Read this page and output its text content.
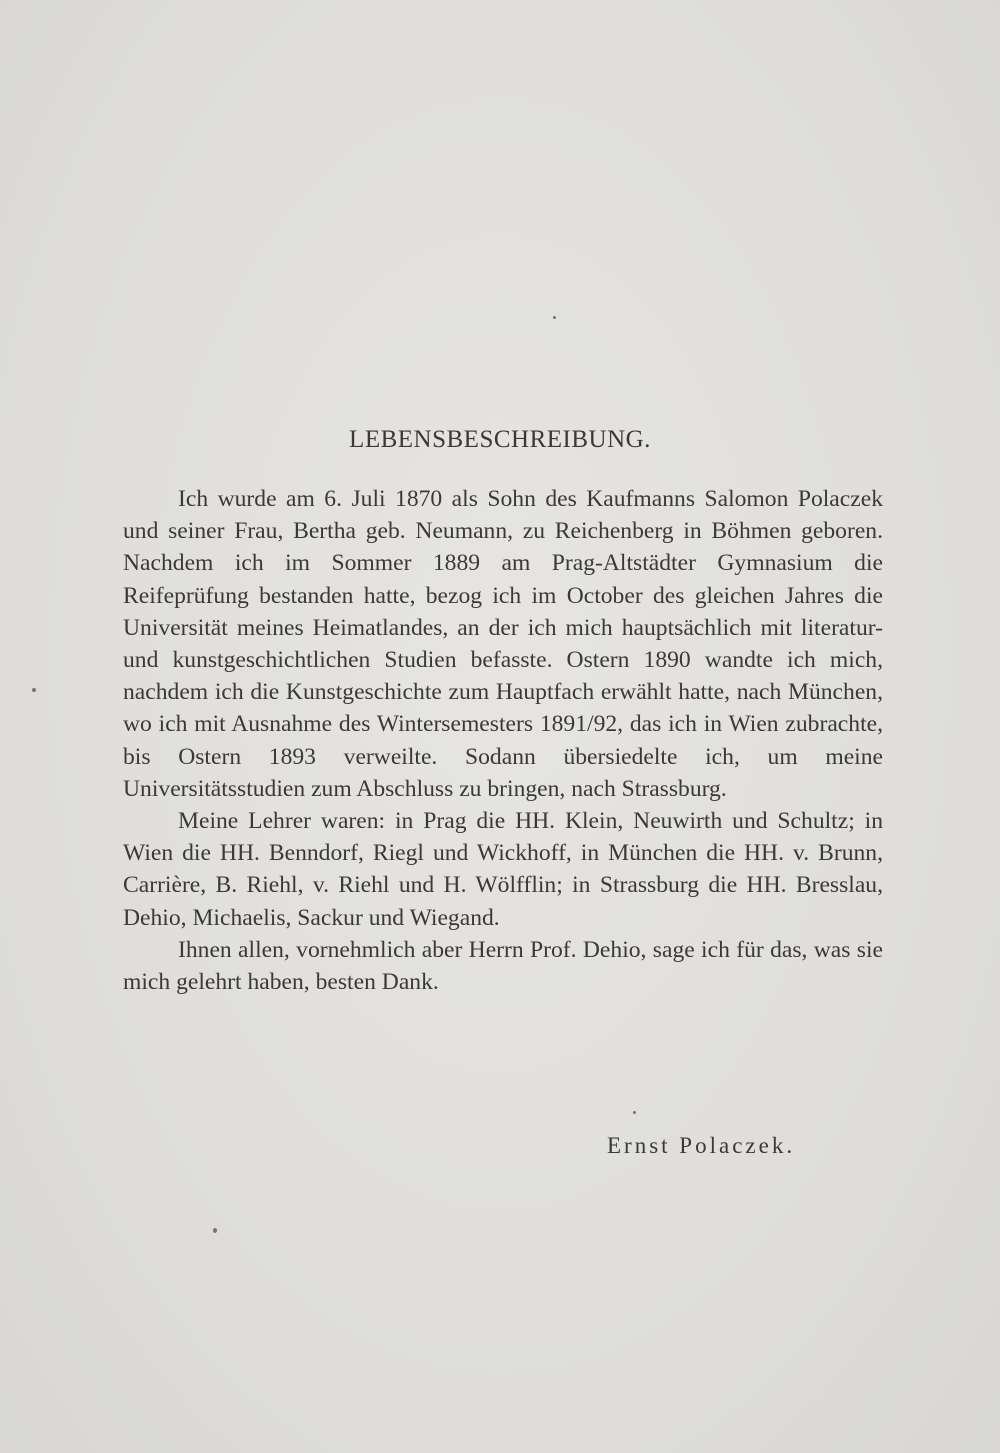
LEBENSBESCHREIBUNG.

Ich wurde am 6. Juli 1870 als Sohn des Kaufmanns Salomon Polaczek und seiner Frau, Bertha geb. Neumann, zu Reichenberg in Böhmen geboren. Nachdem ich im Sommer 1889 am Prag-Altstädter Gymnasium die Reifeprüfung bestanden hatte, bezog ich im October des gleichen Jahres die Universität meines Heimatlandes, an der ich mich hauptsächlich mit literatur- und kunstgeschichtlichen Studien befasste. Ostern 1890 wandte ich mich, nachdem ich die Kunstgeschichte zum Hauptfach erwählt hatte, nach München, wo ich mit Ausnahme des Wintersemesters 1891/92, das ich in Wien zubrachte, bis Ostern 1893 verweilte. Sodann übersiedelte ich, um meine Universitätsstudien zum Abschluss zu bringen, nach Strassburg.

Meine Lehrer waren: in Prag die HH. Klein, Neuwirth und Schultz; in Wien die HH. Benndorf, Riegl und Wickhoff, in München die HH. v. Brunn, Carrière, B. Riehl, v. Riehl und H. Wölfflin; in Strassburg die HH. Bresslau, Dehio, Michaelis, Sackur und Wiegand.

Ihnen allen, vornehmlich aber Herrn Prof. Dehio, sage ich für das, was sie mich gelehrt haben, besten Dank.

Ernst Polaczek.
